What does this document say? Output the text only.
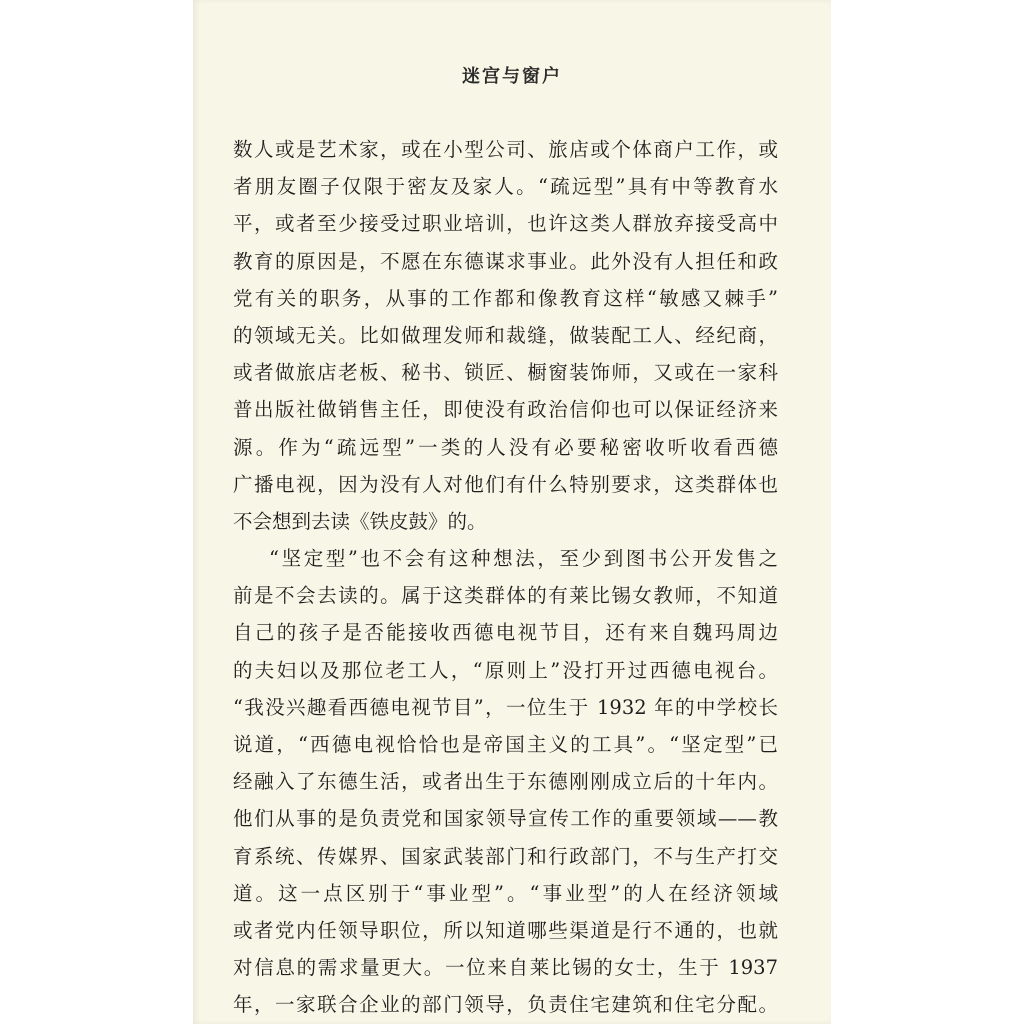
迷宫与窗户
数人或是艺术家，或在小型公司、旅店或个体商户工作，或
者朋友圈子仅限于密友及家人。“疏远型”具有中等教育水
平，或者至少接受过职业培训，也许这类人群放弃接受高中
教育的原因是，不愿在东德谋求事业。此外没有人担任和政
党有关的职务，从事的工作都和像教育这样“敏感又棘手”
的领域无关。比如做理发师和裁缝，做装配工人、经纪商，
或者做旅店老板、秘书、锁匠、橱窗装饰师，又或在一家科
普出版社做销售主任，即使没有政治信仰也可以保证经济来
源。作为“疏远型”一类的人没有必要秘密收听收看西德
广播电视，因为没有人对他们有什么特别要求，这类群体也
不会想到去读《铁皮鼓》的。
“坚定型”也不会有这种想法，至少到图书公开发售之
前是不会去读的。属于这类群体的有莱比锡女教师，不知道
自己的孩子是否能接收西德电视节目，还有来自魏玛周边
的夫妇以及那位老工人，“原则上”没打开过西德电视台。
“我没兴趣看西德电视节目”，一位生于 1932 年的中学校长
说道，“西德电视恰恰也是帝国主义的工具”。“坚定型”已
经融入了东德生活，或者出生于东德刚刚成立后的十年内。
他们从事的是负责党和国家领导宣传工作的重要领域——教
育系统、传媒界、国家武装部门和行政部门，不与生产打交
道。这一点区别于“事业型”。“事业型”的人在经济领域
或者党内任领导职位，所以知道哪些渠道是行不通的，也就
对信息的需求量更大。一位来自莱比锡的女士，生于 1937
年，一家联合企业的部门领导，负责住宅建筑和住宅分配。
